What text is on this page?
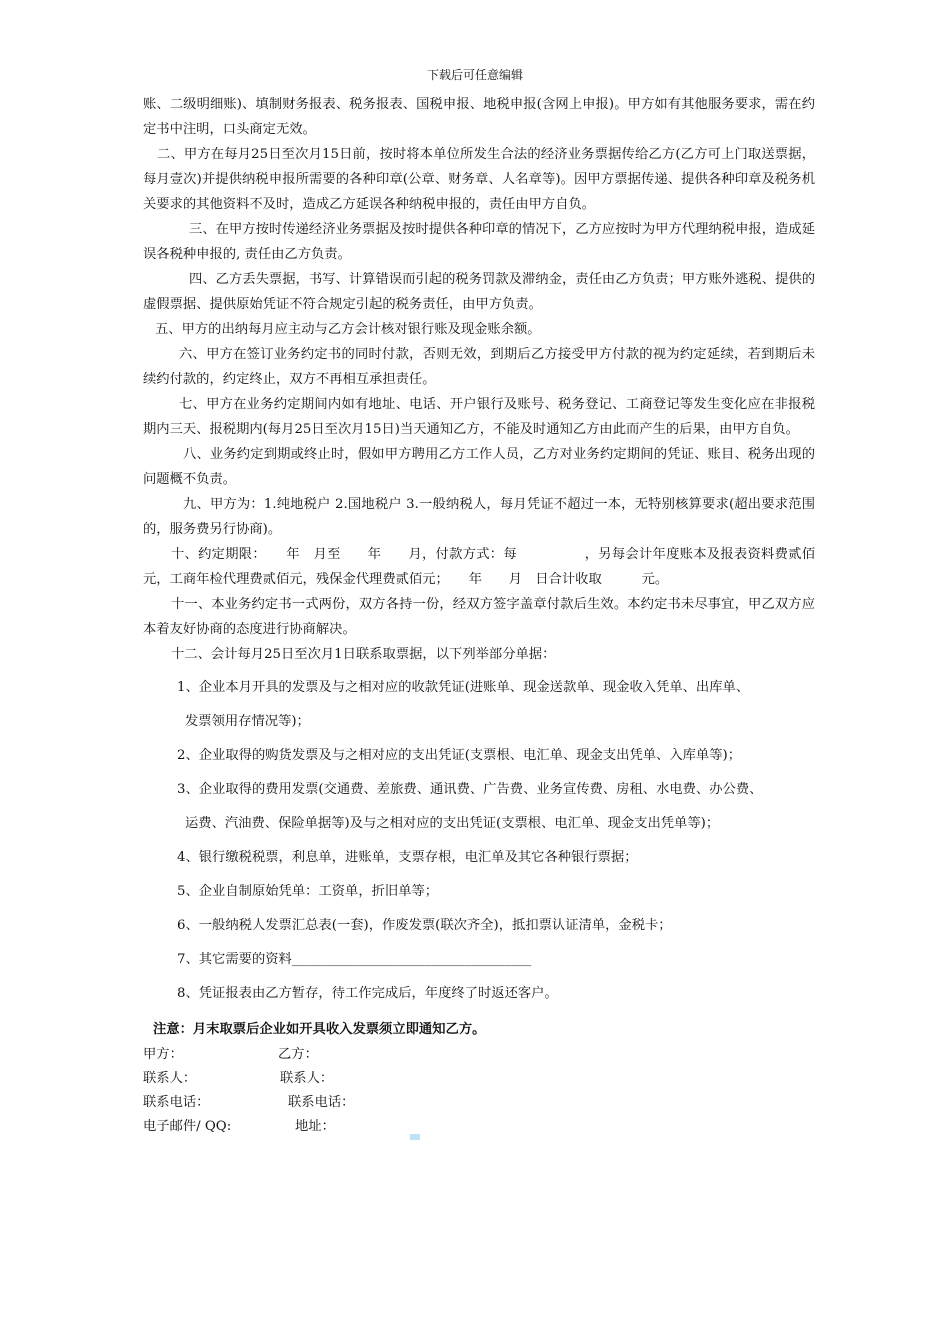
下载后可任意编辑

账、二级明细账)、填制财务报表、税务报表、国税申报、地税申报(含网上申报)。甲方如有其他服务要求，需在约定书中注明，口头商定无效。

二、甲方在每月25日至次月15日前，按时将本单位所发生合法的经济业务票据传给乙方(乙方可上门取送票据，每月壹次)并提供纳税申报所需要的各种印章(公章、财务章、人名章等)。因甲方票据传递、提供各种印章及税务机关要求的其他资料不及时，造成乙方延误各种纳税申报的，责任由甲方自负。

三、在甲方按时传递经济业务票据及按时提供各种印章的情况下，乙方应按时为甲方代理纳税申报，造成延误各税种申报的, 责任由乙方负责。

四、乙方丢失票据，书写、计算错误而引起的税务罚款及滞纳金，责任由乙方负责；甲方账外逃税、提供的虚假票据、提供原始凭证不符合规定引起的税务责任，由甲方负责。

五、甲方的出纳每月应主动与乙方会计核对银行账及现金账余额。

六、甲方在签订业务约定书的同时付款，否则无效，到期后乙方接受甲方付款的视为约定延续，若到期后未续约付款的，约定终止，双方不再相互承担责任。

七、甲方在业务约定期间内如有地址、电话、开户银行及账号、税务登记、工商登记等发生变化应在非报税期内三天、报税期内(每月25日至次月15日)当天通知乙方，不能及时通知乙方由此而产生的后果，由甲方自负。

八、业务约定到期或终止时，假如甲方聘用乙方工作人员，乙方对业务约定期间的凭证、账目、税务出现的问题概不负责。

九、甲方为：1.纯地税户 2.国地税户 3.一般纳税人，每月凭证不超过一本，无特别核算要求(超出要求范围的，服务费另行协商)。

十、约定期限：　　年　月至　　年　　月，付款方式：每　　　　　，另每会计年度账本及报表资料费贰佰元，工商年检代理费贰佰元，残保金代理费贰佰元；　　年　　月　日合计收取　　　元。

十一、本业务约定书一式两份，双方各持一份，经双方签字盖章付款后生效。本约定书未尽事宜，甲乙双方应本着友好协商的态度进行协商解决。

十二、会计每月25日至次月1日联系取票据，以下列举部分单据：

1、企业本月开具的发票及与之相对应的收款凭证(进账单、现金送款单、现金收入凭单、出库单、

发票领用存情况等)；

2、企业取得的购货发票及与之相对应的支出凭证(支票根、电汇单、现金支出凭单、入库单等)；

3、企业取得的费用发票(交通费、差旅费、通讯费、广告费、业务宣传费、房租、水电费、办公费、

运费、汽油费、保险单据等)及与之相对应的支出凭证(支票根、电汇单、现金支出凭单等)；

4、银行缴税税票，利息单，进账单，支票存根，电汇单及其它各种银行票据；

5、企业自制原始凭单：工资单，折旧单等；

6、一般纳税人发票汇总表(一套)，作废发票(联次齐全)，抵扣票认证清单，金税卡；

7、其它需要的资料____________________________________

8、凭证报表由乙方暂存，待工作完成后，年度终了时返还客户。

注意：月末取票后企业如开具收入发票须立即通知乙方。
甲方：	乙方：
联系人：	联系人：
联系电话：	联系电话：
电子邮件/ QQ:	地址：
